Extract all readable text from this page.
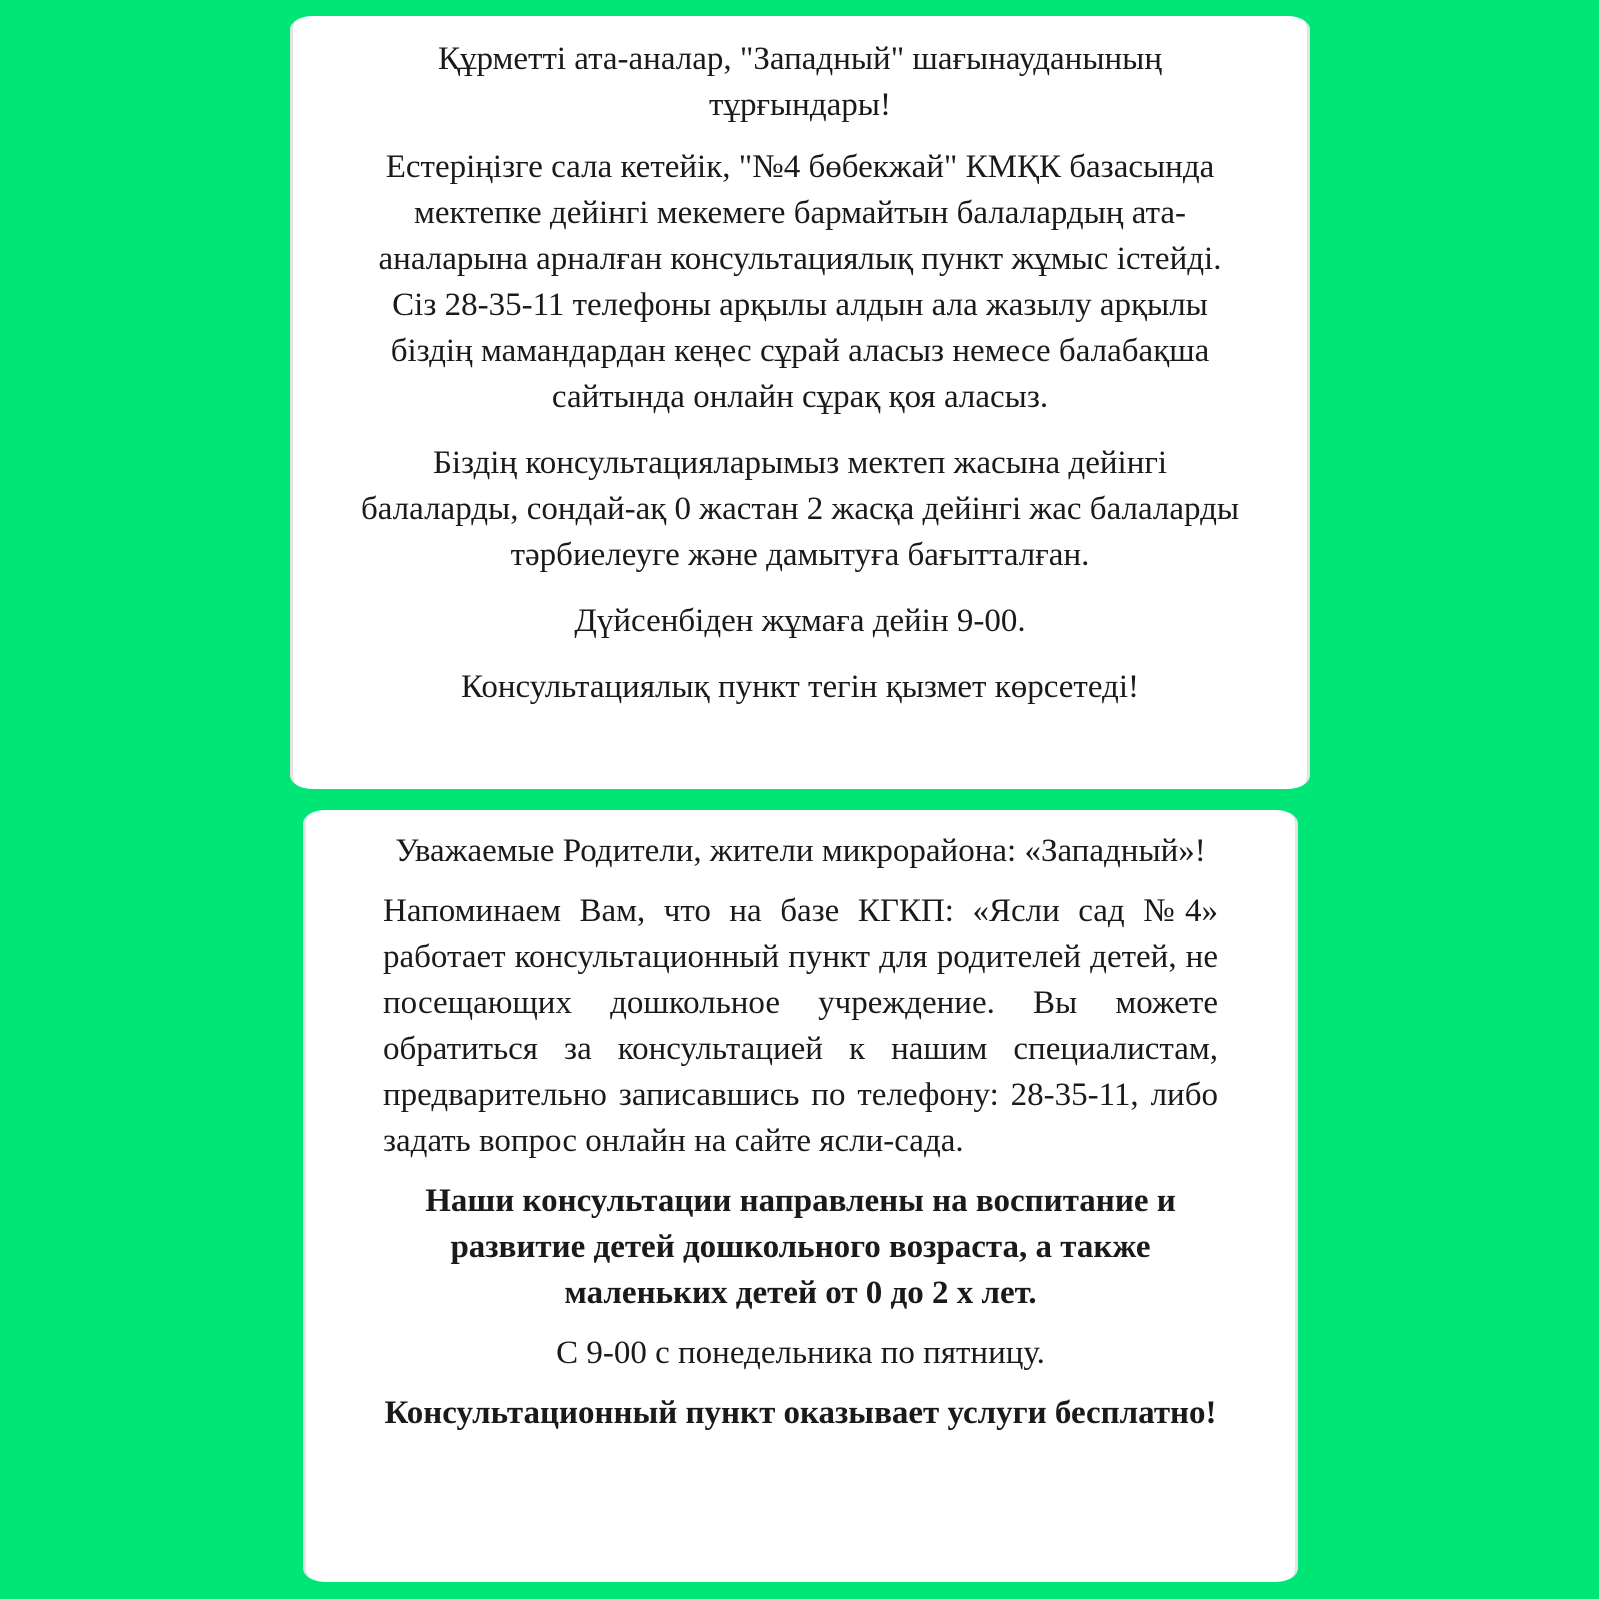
Құрметті ата-аналар, "Западный" шағынауданының тұрғындары!

Естеріңізге сала кетейік, "№4 бөбекжай" КМҚК базасында мектепке дейінгі мекемеге бармайтын балалардың ата-аналарына арналған консультациялық пункт жұмыс істейді. Сіз 28-35-11 телефоны арқылы алдын ала жазылу арқылы біздің мамандардан кеңес сұрай аласыз немесе балабақша сайтында онлайн сұрақ қоя аласыз.

Біздің консультацияларымыз мектеп жасына дейінгі балаларды, сондай-ақ 0 жастан 2 жасқа дейінгі жас балаларды тәрбиелеуге және дамытуға бағытталған.

Дүйсенбіден жұмаға дейін 9-00.

Консультациялық пункт тегін қызмет көрсетеді!

Уважаемые Родители, жители микрорайона: «Западный»!

Напоминаем Вам, что на базе КГКП: «Ясли сад №4» работает консультационный пункт для родителей детей, не посещающих дошкольное учреждение. Вы можете обратиться за консультацией к нашим специалистам, предварительно записавшись по телефону: 28-35-11, либо задать вопрос онлайн на сайте ясли-сада.

Наши консультации направлены на воспитание и развитие детей дошкольного возраста, а также маленьких детей от 0 до 2 х лет.

С 9-00 с понедельника по пятницу.

Консультационный пункт оказывает услуги бесплатно!
